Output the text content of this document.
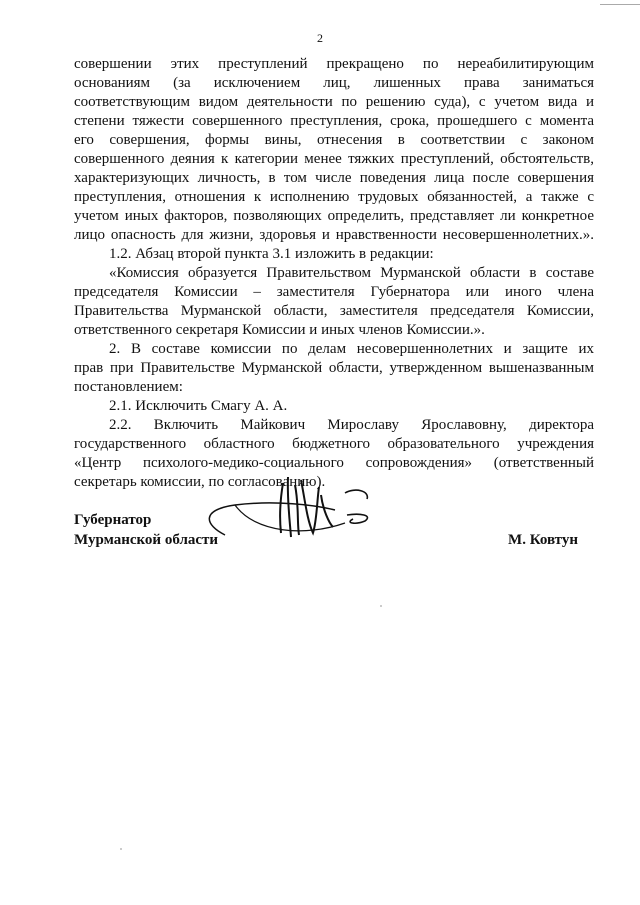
2

совершении этих преступлений прекращено по нереабилитирующим

основаниям (за исключением лиц, лишенных права заниматься

соответствующим видом деятельности по решению суда), с учетом вида и

степени тяжести совершенного преступления, срока, прошедшего с момента

его совершения, формы вины, отнесения в соответствии с законом

совершенного деяния к категории менее тяжких преступлений, обстоятельств,

характеризующих личность, в том числе поведения лица после совершения

преступления, отношения к исполнению трудовых обязанностей, а также с

учетом иных факторов, позволяющих определить, представляет ли конкретное

лицо опасность для жизни, здоровья и нравственности несовершеннолетних.».

1.2. Абзац второй пункта 3.1 изложить в редакции:

«Комиссия образуется Правительством Мурманской области в составе

председателя Комиссии – заместителя Губернатора или иного члена

Правительства Мурманской области, заместителя председателя Комиссии,

ответственного секретаря Комиссии и иных членов Комиссии.».

2. В составе комиссии по делам несовершеннолетних и защите их

прав при Правительстве Мурманской области, утвержденном вышеназванным

постановлением:

2.1. Исключить Смагу А. А.

2.2. Включить Майкович Мирославу Ярославовну, директора

государственного областного бюджетного образовательного учреждения

«Центр психолого-медико-социального сопровождения» (ответственный

секретарь комиссии, по согласованию).

Губернатор
Мурманской области	М. Ковтун
